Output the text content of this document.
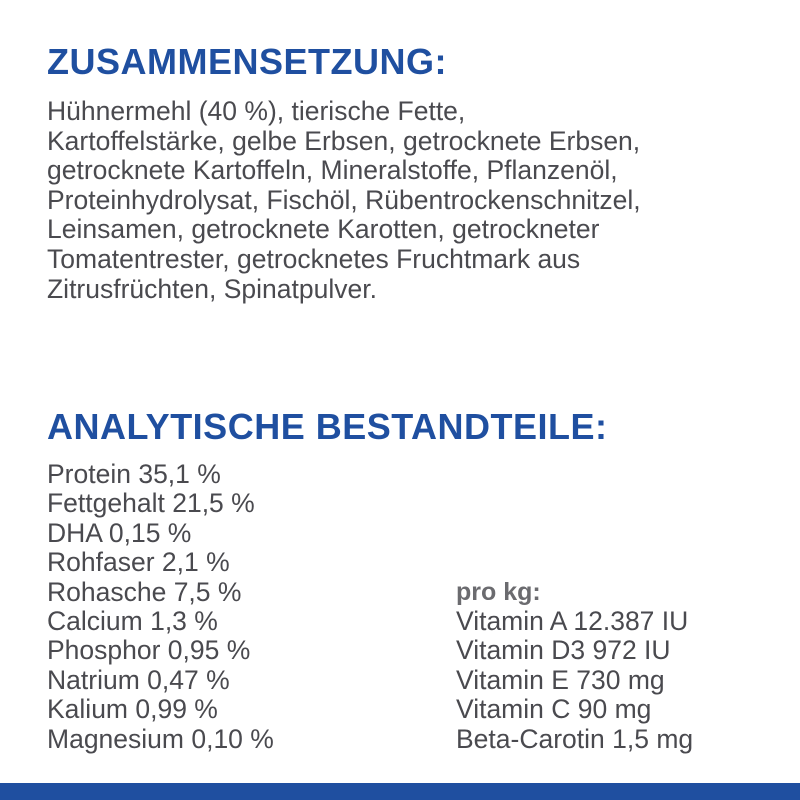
ZUSAMMENSETZUNG:

Hühnermehl (40 %), tierische Fette,
Kartoffelstärke, gelbe Erbsen, getrocknete Erbsen,
getrocknete Kartoffeln, Mineralstoffe, Pflanzenöl,
Proteinhydrolysat, Fischöl, Rübentrockenschnitzel,
Leinsamen, getrocknete Karotten, getrockneter
Tomatentrester, getrocknetes Fruchtmark aus
Zitrusfrüchten, Spinatpulver.

ANALYTISCHE BESTANDTEILE:
Protein 35,1 %
Fettgehalt 21,5 %
DHA 0,15 %
Rohfaser 2,1 %
Rohasche 7,5 %
Calcium 1,3 %
Phosphor 0,95 %
Natrium 0,47 %
Kalium 0,99 %
Magnesium 0,10 %
pro kg:
Vitamin A 12.387 IU
Vitamin D3 972 IU
Vitamin E 730 mg
Vitamin C 90 mg
Beta-Carotin 1,5 mg
